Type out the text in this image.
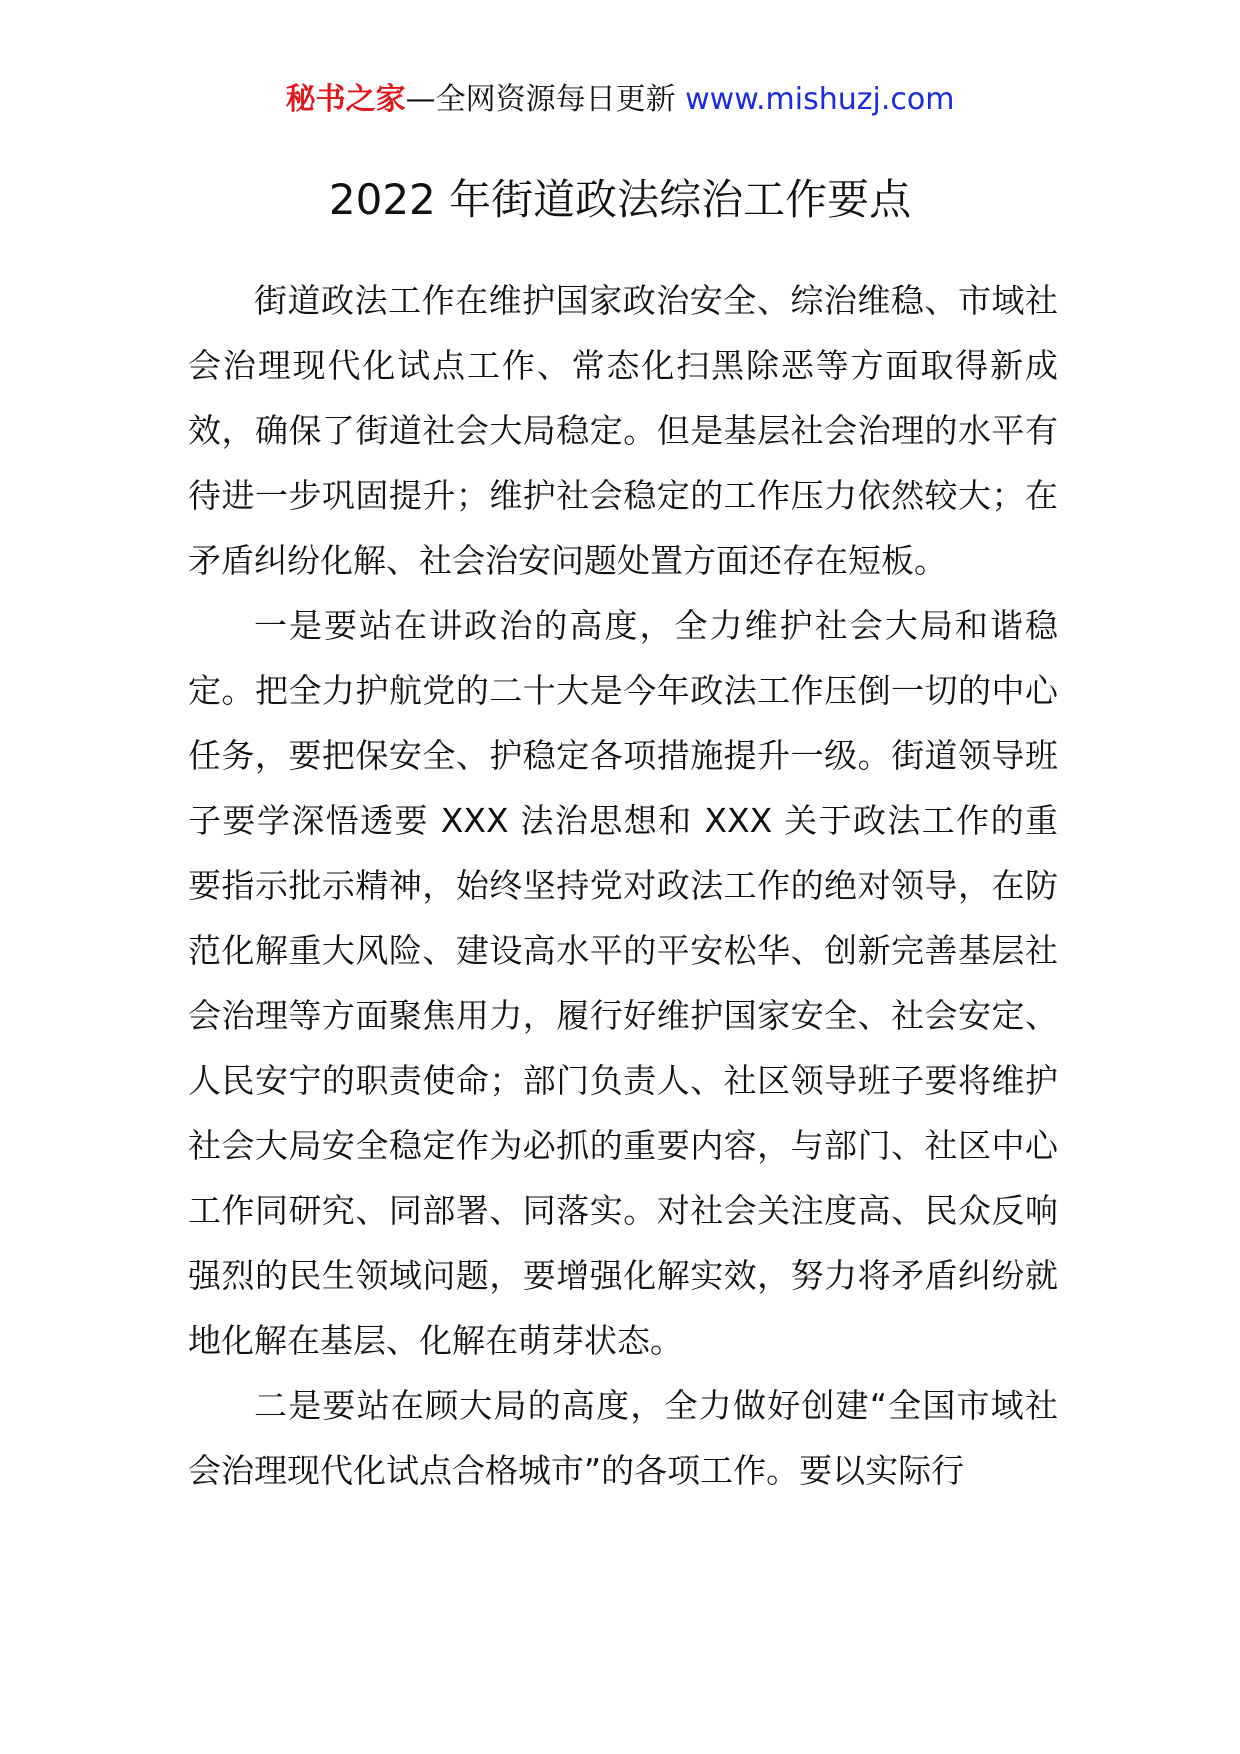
秘书之家—全网资源每日更新 www.mishuzj.com
2022 年街道政法综治工作要点

街道政法工作在维护国家政治安全、综治维稳、市域社会治理现代化试点工作、常态化扫黑除恶等方面取得新成效，确保了街道社会大局稳定。但是基层社会治理的水平有待进一步巩固提升；维护社会稳定的工作压力依然较大；在矛盾纠纷化解、社会治安问题处置方面还存在短板。

一是要站在讲政治的高度，全力维护社会大局和谐稳定。把全力护航党的二十大是今年政法工作压倒一切的中心任务，要把保安全、护稳定各项措施提升一级。街道领导班子要学深悟透要 XXX 法治思想和 XXX 关于政法工作的重要指示批示精神，始终坚持党对政法工作的绝对领导，在防范化解重大风险、建设高水平的平安松华、创新完善基层社会治理等方面聚焦用力，履行好维护国家安全、社会安定、人民安宁的职责使命；部门负责人、社区领导班子要将维护社会大局安全稳定作为必抓的重要内容，与部门、社区中心工作同研究、同部署、同落实。对社会关注度高、民众反响强烈的民生领域问题，要增强化解实效，努力将矛盾纠纷就地化解在基层、化解在萌芽状态。

二是要站在顾大局的高度，全力做好创建“全国市域社会治理现代化试点合格城市”的各项工作。要以实际行
